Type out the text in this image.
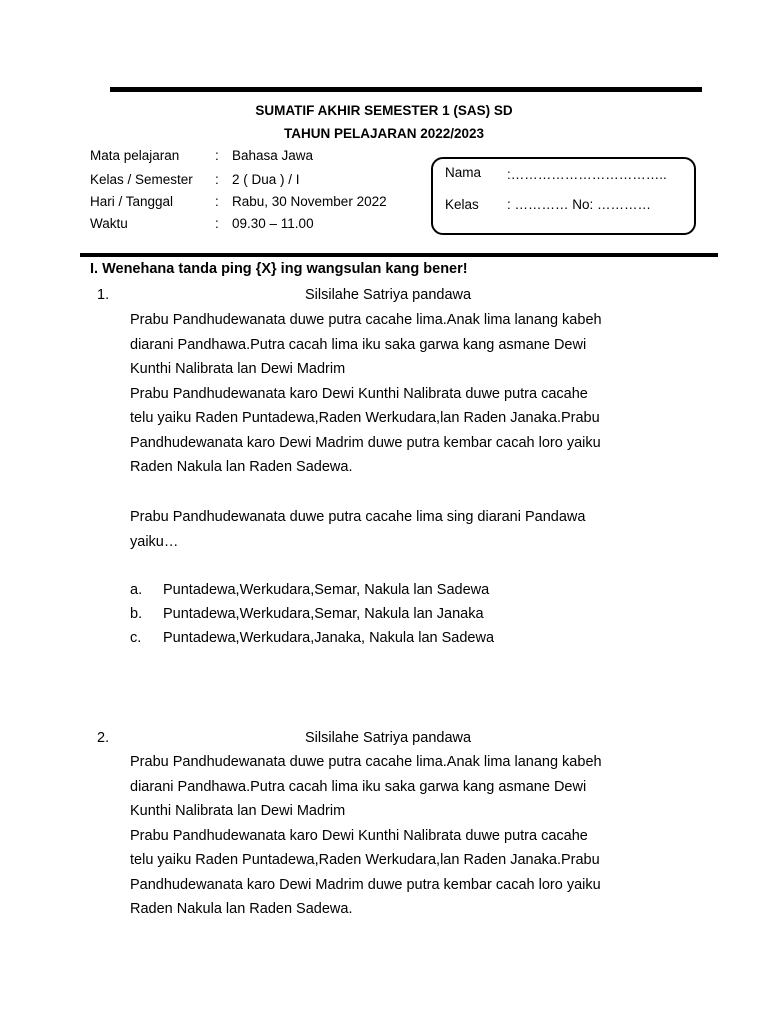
SUMATIF AKHIR SEMESTER 1 (SAS) SD
TAHUN PELAJARAN 2022/2023
Mata pelajaran	: Bahasa Jawa
Kelas / Semester : 2 ( Dua ) / I
Hari / Tanggal	: Rabu, 30 November 2022
Waktu	: 09.30 – 11.00
Nama :……………………………..
Kelas : ………… No: …………
I. Wenehana tanda ping {X} ing wangsulan kang bener!
1.	Silsilahe Satriya pandawa
Prabu Pandhudewanata duwe putra cacahe lima.Anak lima lanang kabeh
diarani Pandhawa.Putra cacah lima iku saka garwa kang asmane Dewi
Kunthi Nalibrata lan Dewi Madrim
Prabu Pandhudewanata karo Dewi Kunthi Nalibrata duwe putra cacahe
telu yaiku Raden Puntadewa,Raden Werkudara,lan Raden Janaka.Prabu
Pandhudewanata karo Dewi Madrim duwe putra kembar cacah loro yaiku
Raden Nakula lan Raden Sadewa.
Prabu Pandhudewanata duwe putra cacahe lima sing diarani Pandawa
yaiku…
a. Puntadewa,Werkudara,Semar, Nakula lan Sadewa
b. Puntadewa,Werkudara,Semar, Nakula lan Janaka
c. Puntadewa,Werkudara,Janaka, Nakula lan Sadewa
2.	Silsilahe Satriya pandawa
Prabu Pandhudewanata duwe putra cacahe lima.Anak lima lanang kabeh
diarani Pandhawa.Putra cacah lima iku saka garwa kang asmane Dewi
Kunthi Nalibrata lan Dewi Madrim
Prabu Pandhudewanata karo Dewi Kunthi Nalibrata duwe putra cacahe
telu yaiku Raden Puntadewa,Raden Werkudara,lan Raden Janaka.Prabu
Pandhudewanata karo Dewi Madrim duwe putra kembar cacah loro yaiku
Raden Nakula lan Raden Sadewa.
